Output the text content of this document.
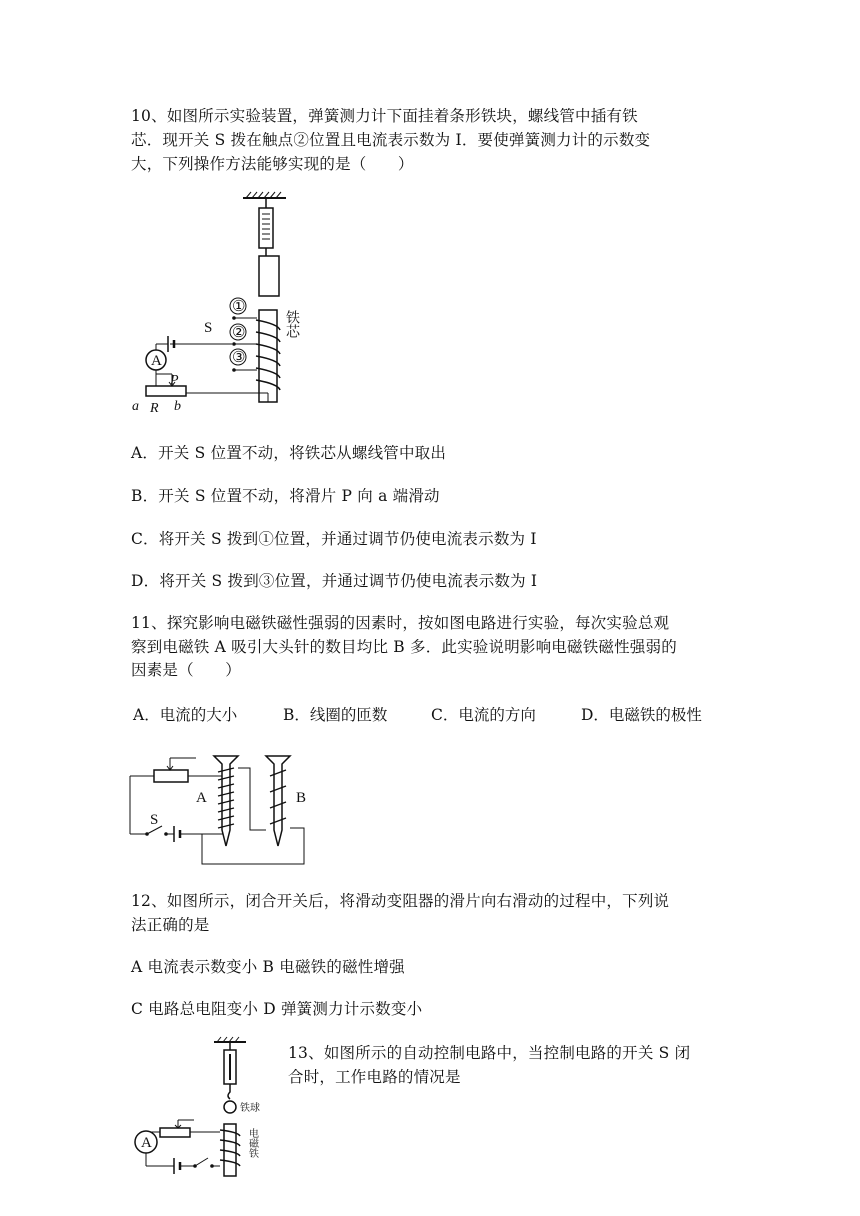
10、如图所示实验装置，弹簧测力计下面挂着条形铁块，螺线管中插有铁
芯．现开关 S 拨在触点②位置且电流表示数为 I．要使弹簧测力计的示数变
大，下列操作方法能够实现的是（　　）
①
②
③
铁芯
S
A
P
R
a	b
A．开关 S 位置不动，将铁芯从螺线管中取出
B．开关 S 位置不动，将滑片 P 向 a 端滑动
C．将开关 S 拨到①位置，并通过调节仍使电流表示数为 I
D．将开关 S 拨到③位置，并通过调节仍使电流表示数为 I
11、探究影响电磁铁磁性强弱的因素时，按如图电路进行实验，每次实验总观
察到电磁铁 A 吸引大头针的数目均比 B 多．此实验说明影响电磁铁磁性强弱的
因素是（　　）
A．电流的大小	B．线圈的匝数	C．电流的方向	D．电磁铁的极性
S
A	B
12、如图所示，闭合开关后，将滑动变阻器的滑片向右滑动的过程中，下列说
法正确的是
A 电流表示数变小 B 电磁铁的磁性增强
C 电路总电阻变小 D 弹簧测力计示数变小
13、如图所示的自动控制电路中，当控制电路的开关 S 闭
合时，工作电路的情况是
铁球
电磁铁
A
